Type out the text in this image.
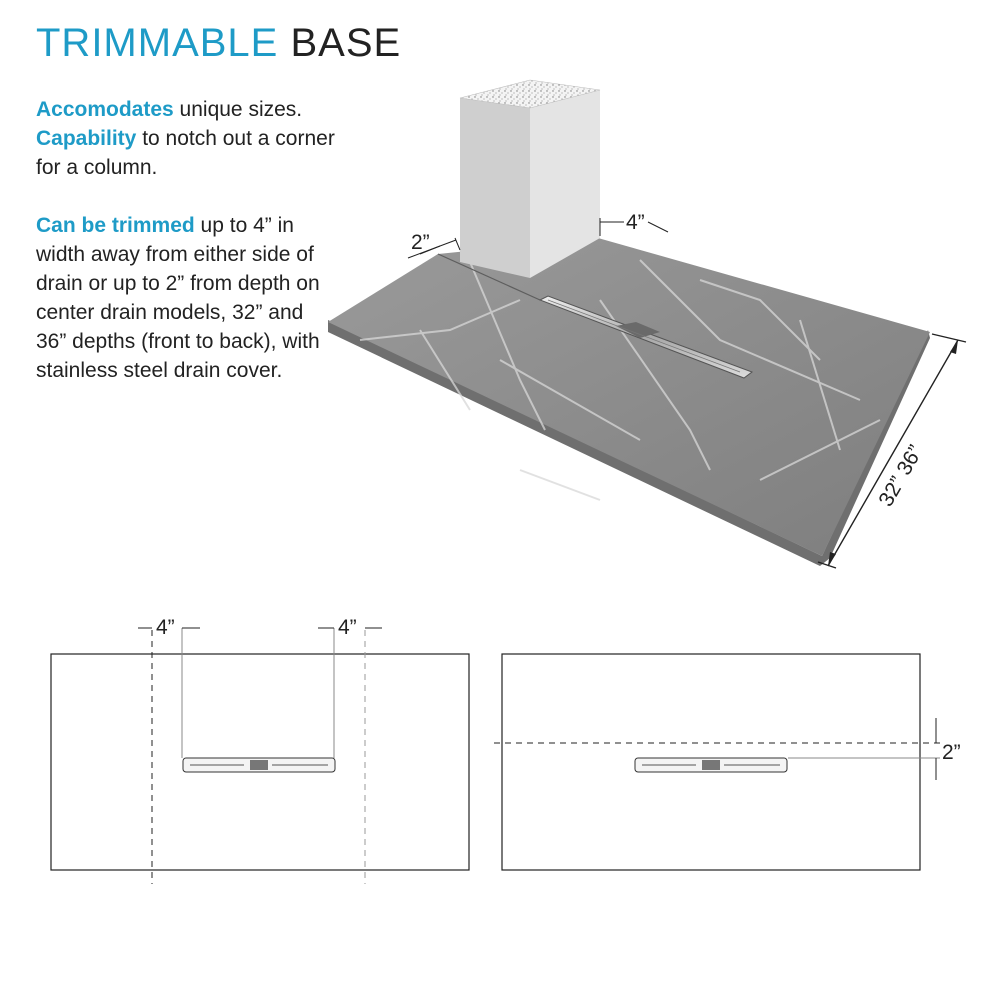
TRIMMABLE BASE

Accomodates unique sizes.
Capability to notch out a corner for a column.

Can be trimmed up to 4” in width away from either side of drain or up to 2” from depth on center drain models, 32” and 36” depths (front to back), with stainless steel drain cover.

2”
4”
32” 36”
4”	4”
2”
